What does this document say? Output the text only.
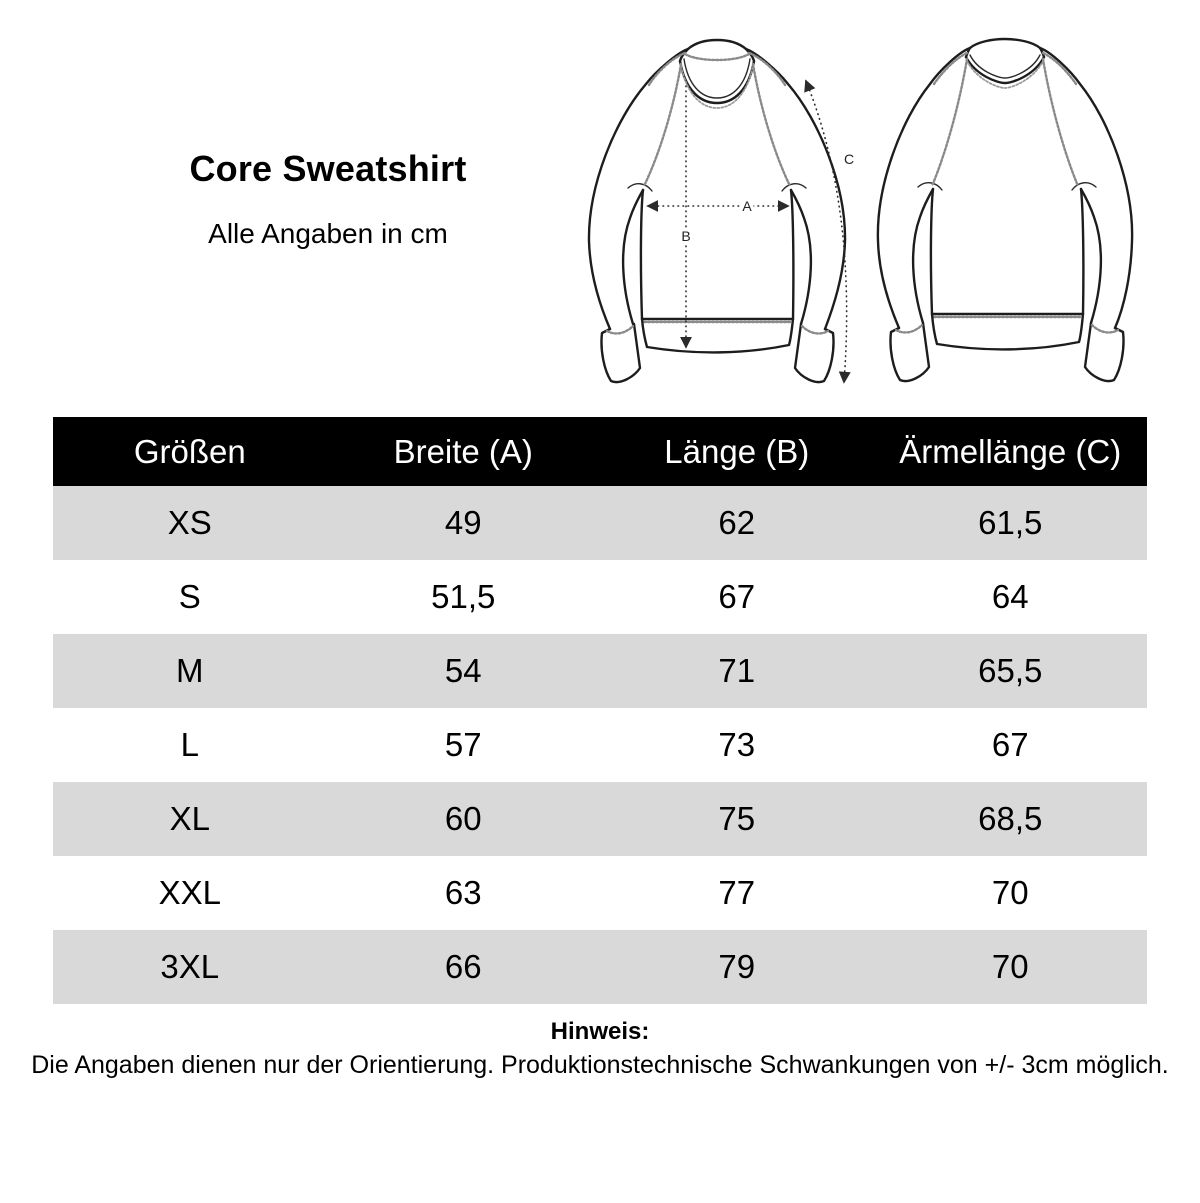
Core Sweatshirt

Alle Angaben in cm

A
B
C
Größen	Breite (A)	Länge (B)	Ärmellänge (C)
XS	49	62	61,5
S	51,5	67	64
M	54	71	65,5
L	57	73	67
XL	60	75	68,5
XXL	63	77	70
3XL	66	79	70

Hinweis:

Die Angaben dienen nur der Orientierung. Produktionstechnische Schwankungen von +/- 3cm möglich.
